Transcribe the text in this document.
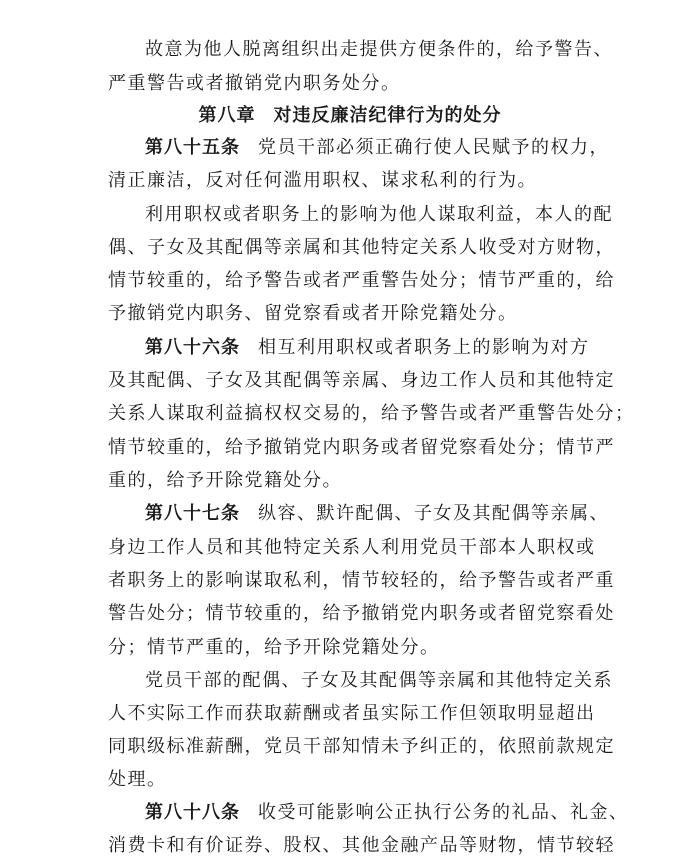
故意为他人脱离组织出走提供方便条件的，给予警告、
严重警告或者撤销党内职务处分。
第八章 对违反廉洁纪律行为的处分
第八十五条 党员干部必须正确行使人民赋予的权力，
清正廉洁，反对任何滥用职权、谋求私利的行为。
利用职权或者职务上的影响为他人谋取利益，本人的配
偶、子女及其配偶等亲属和其他特定关系人收受对方财物，
情节较重的，给予警告或者严重警告处分；情节严重的，给
予撤销党内职务、留党察看或者开除党籍处分。
第八十六条 相互利用职权或者职务上的影响为对方
及其配偶、子女及其配偶等亲属、身边工作人员和其他特定
关系人谋取利益搞权权交易的，给予警告或者严重警告处分；
情节较重的，给予撤销党内职务或者留党察看处分；情节严
重的，给予开除党籍处分。
第八十七条 纵容、默许配偶、子女及其配偶等亲属、
身边工作人员和其他特定关系人利用党员干部本人职权或
者职务上的影响谋取私利，情节较轻的，给予警告或者严重
警告处分；情节较重的，给予撤销党内职务或者留党察看处
分；情节严重的，给予开除党籍处分。
党员干部的配偶、子女及其配偶等亲属和其他特定关系
人不实际工作而获取薪酬或者虽实际工作但领取明显超出
同职级标准薪酬，党员干部知情未予纠正的，依照前款规定
处理。
第八十八条 收受可能影响公正执行公务的礼品、礼金、
消费卡和有价证券、股权、其他金融产品等财物，情节较轻
